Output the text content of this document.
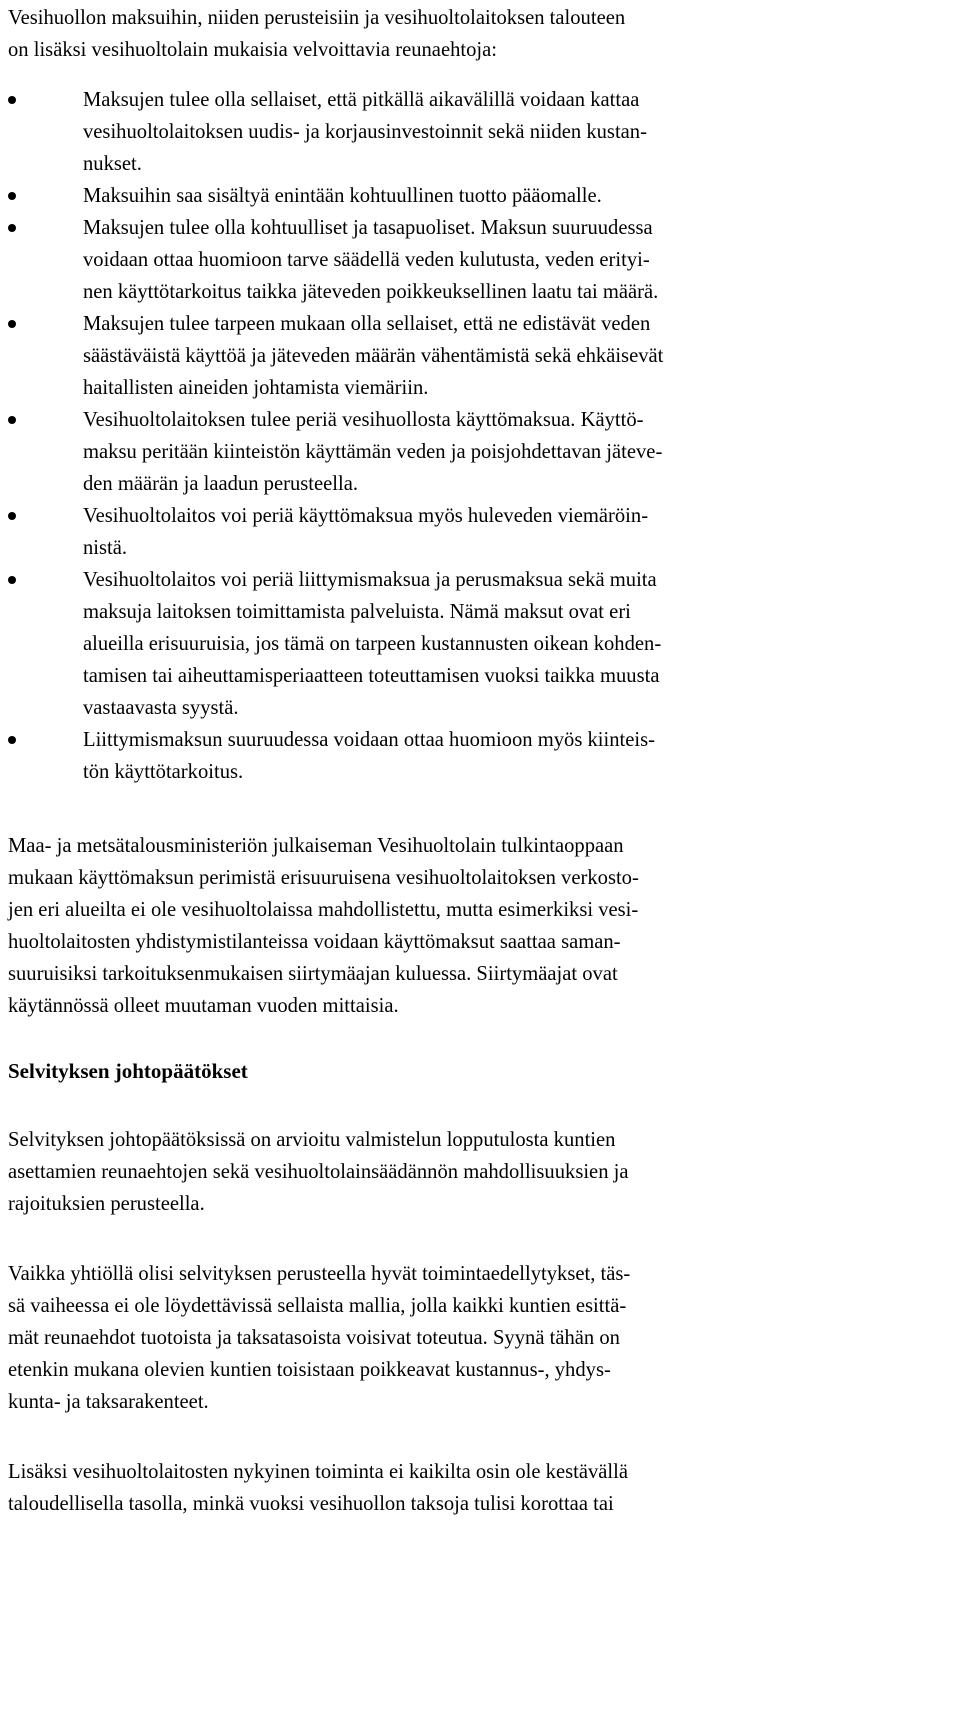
Vesihuollon maksuihin, niiden perusteisiin ja vesihuoltolaitoksen talouteen
on lisäksi vesihuoltolain mukaisia velvoittavia reunaehtoja:

Maksujen tulee olla sellaiset, että pitkällä aikavälillä voidaan kattaa
vesihuoltolaitoksen uudis- ja korjausinvestoinnit sekä niiden kustan-
nukset.
Maksuihin saa sisältyä enintään kohtuullinen tuotto pääomalle.
Maksujen tulee olla kohtuulliset ja tasapuoliset. Maksun suuruudessa
voidaan ottaa huomioon tarve säädellä veden kulutusta, veden erityi-
nen käyttötarkoitus taikka jäteveden poikkeuksellinen laatu tai määrä.
Maksujen tulee tarpeen mukaan olla sellaiset, että ne edistävät veden
säästäväistä käyttöä ja jäteveden määrän vähentämistä sekä ehkäisevät
haitallisten aineiden johtamista viemäriin.
Vesihuoltolaitoksen tulee periä vesihuollosta käyttömaksua. Käyttö-
maksu peritään kiinteistön käyttämän veden ja poisjohdettavan jäteve-
den määrän ja laadun perusteella.
Vesihuoltolaitos voi periä käyttömaksua myös huleveden viemäröin-
nistä.
Vesihuoltolaitos voi periä liittymismaksua ja perusmaksua sekä muita
maksuja laitoksen toimittamista palveluista. Nämä maksut ovat eri
alueilla erisuuruisia, jos tämä on tarpeen kustannusten oikean kohden-
tamisen tai aiheuttamisperiaatteen toteuttamisen vuoksi taikka muusta
vastaavasta syystä.
Liittymismaksun suuruudessa voidaan ottaa huomioon myös kiinteis-
tön käyttötarkoitus.

Maa- ja metsätalousministeriön julkaiseman Vesihuoltolain tulkintaoppaan
mukaan käyttömaksun perimistä erisuuruisena vesihuoltolaitoksen verkosto-
jen eri alueilta ei ole vesihuoltolaissa mahdollistettu, mutta esimerkiksi vesi-
huoltolaitosten yhdistymistilanteissa voidaan käyttömaksut saattaa saman-
suuruisiksi tarkoituksenmukaisen siirtymäajan kuluessa. Siirtymäajat ovat
käytännössä olleet muutaman vuoden mittaisia.

Selvityksen johtopäätökset

Selvityksen johtopäätöksissä on arvioitu valmistelun lopputulosta kuntien
asettamien reunaehtojen sekä vesihuoltolainsäädännön mahdollisuuksien ja
rajoituksien perusteella.

Vaikka yhtiöllä olisi selvityksen perusteella hyvät toimintaedellytykset, täs-
sä vaiheessa ei ole löydettävissä sellaista mallia, jolla kaikki kuntien esittä-
mät reunaehdot tuotoista ja taksatasoista voisivat toteutua. Syynä tähän on
etenkin mukana olevien kuntien toisistaan poikkeavat kustannus-, yhdys-
kunta- ja taksarakenteet.

Lisäksi vesihuoltolaitosten nykyinen toiminta ei kaikilta osin ole kestävällä
taloudellisella tasolla, minkä vuoksi vesihuollon taksoja tulisi korottaa tai
